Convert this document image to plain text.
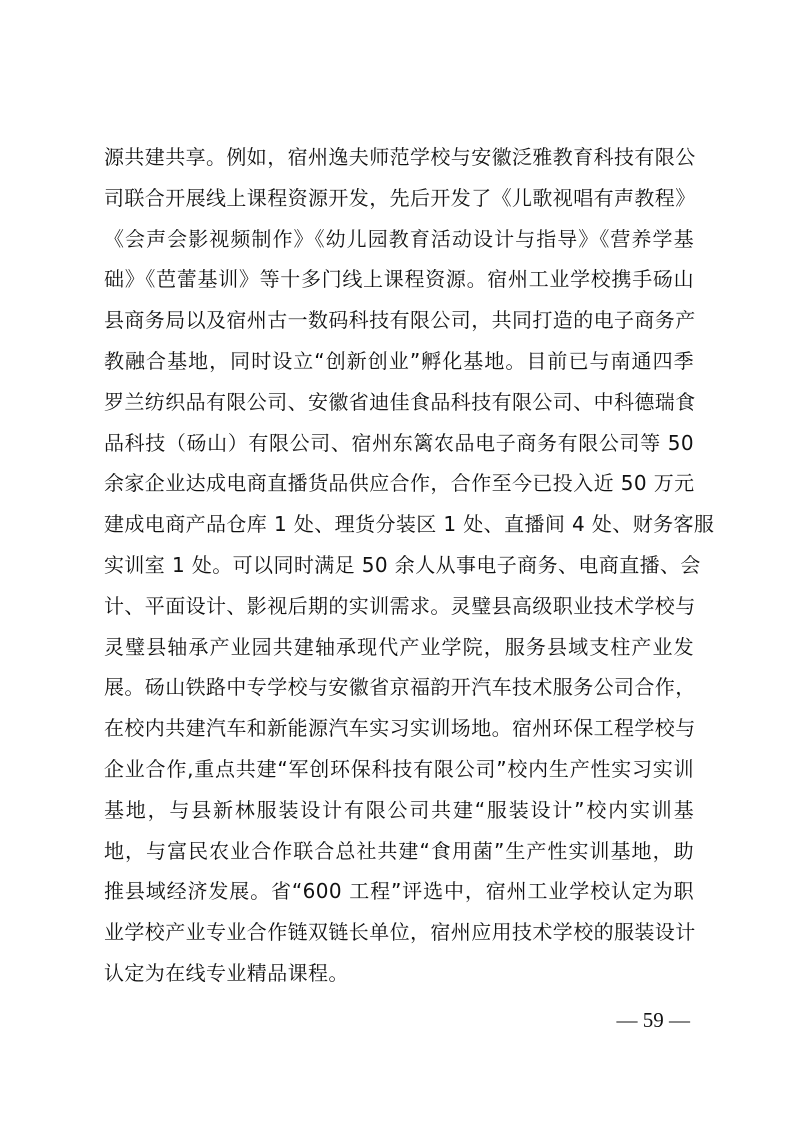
源共建共享。例如，宿州逸夫师范学校与安徽泛雅教育科技有限公
司联合开展线上课程资源开发，先后开发了《儿歌视唱有声教程》
《会声会影视频制作》《幼儿园教育活动设计与指导》《营养学基
础》《芭蕾基训》等十多门线上课程资源。宿州工业学校携手砀山
县商务局以及宿州古一数码科技有限公司，共同打造的电子商务产
教融合基地，同时设立“创新创业”孵化基地。目前已与南通四季
罗兰纺织品有限公司、安徽省迪佳食品科技有限公司、中科德瑞食
品科技（砀山）有限公司、宿州东篱农品电子商务有限公司等 50
余家企业达成电商直播货品供应合作，合作至今已投入近 50 万元
建成电商产品仓库 1 处、理货分装区 1 处、直播间 4 处、财务客服
实训室 1 处。可以同时满足 50 余人从事电子商务、电商直播、会
计、平面设计、影视后期的实训需求。灵璧县高级职业技术学校与
灵璧县轴承产业园共建轴承现代产业学院，服务县域支柱产业发
展。砀山铁路中专学校与安徽省京福韵开汽车技术服务公司合作，
在校内共建汽车和新能源汽车实习实训场地。宿州环保工程学校与
企业合作,重点共建“军创环保科技有限公司”校内生产性实习实训
基地，与县新林服装设计有限公司共建“服装设计”校内实训基
地，与富民农业合作联合总社共建“食用菌”生产性实训基地，助
推县域经济发展。省“600 工程”评选中，宿州工业学校认定为职
业学校产业专业合作链双链长单位，宿州应用技术学校的服装设计
认定为在线专业精品课程。
— 59 —
